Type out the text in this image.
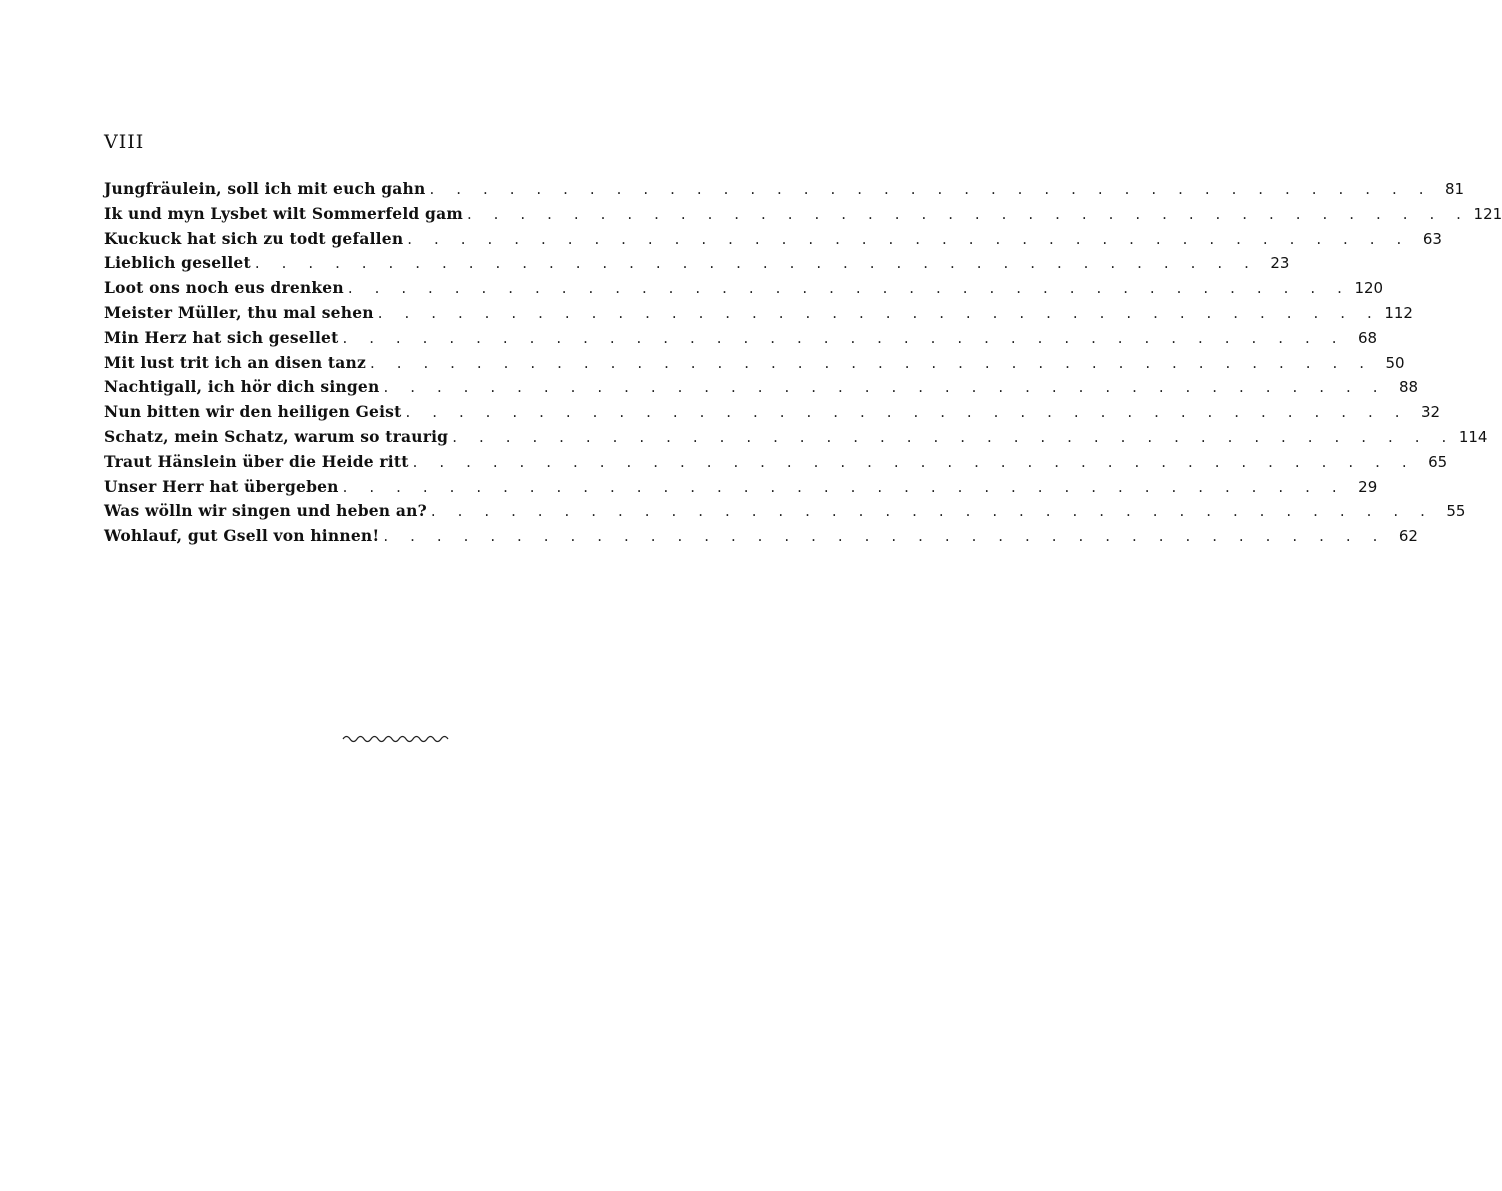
VIII
Jungfräulein, soll ich mit euch gahn . . . . . . . . . . . . . . . . . . . . . . . . . . . . . . . . . . . . . . 81
Ik und myn Lysbet wilt Sommerfeld gam . . . . . . . . . . . . . . . . . . . . . . . . . . . . . . . . . . . . . . 121
Kuckuck hat sich zu todt gefallen . . . . . . . . . . . . . . . . . . . . . . . . . . . . . . . . . . . . . . 63
Lieblich gesellet . . . . . . . . . . . . . . . . . . . . . . . . . . . . . . . . . . . . . . 23
Loot ons noch eus drenken . . . . . . . . . . . . . . . . . . . . . . . . . . . . . . . . . . . . . . 120
Meister Müller, thu mal sehen . . . . . . . . . . . . . . . . . . . . . . . . . . . . . . . . . . . . . . 112
Min Herz hat sich gesellet . . . . . . . . . . . . . . . . . . . . . . . . . . . . . . . . . . . . . . 68
Mit lust trit ich an disen tanz . . . . . . . . . . . . . . . . . . . . . . . . . . . . . . . . . . . . . . 50
Nachtigall, ich hör dich singen . . . . . . . . . . . . . . . . . . . . . . . . . . . . . . . . . . . . . . 88
Nun bitten wir den heiligen Geist . . . . . . . . . . . . . . . . . . . . . . . . . . . . . . . . . . . . . . 32
Schatz, mein Schatz, warum so traurig . . . . . . . . . . . . . . . . . . . . . . . . . . . . . . . . . . . . . . 114
Traut Hänslein über die Heide ritt . . . . . . . . . . . . . . . . . . . . . . . . . . . . . . . . . . . . . . 65
Unser Herr hat übergeben . . . . . . . . . . . . . . . . . . . . . . . . . . . . . . . . . . . . . . 29
Was wölln wir singen und heben an? . . . . . . . . . . . . . . . . . . . . . . . . . . . . . . . . . . . . . . 55
Wohlauf, gut Gsell von hinnen! . . . . . . . . . . . . . . . . . . . . . . . . . . . . . . . . . . . . . . 62
